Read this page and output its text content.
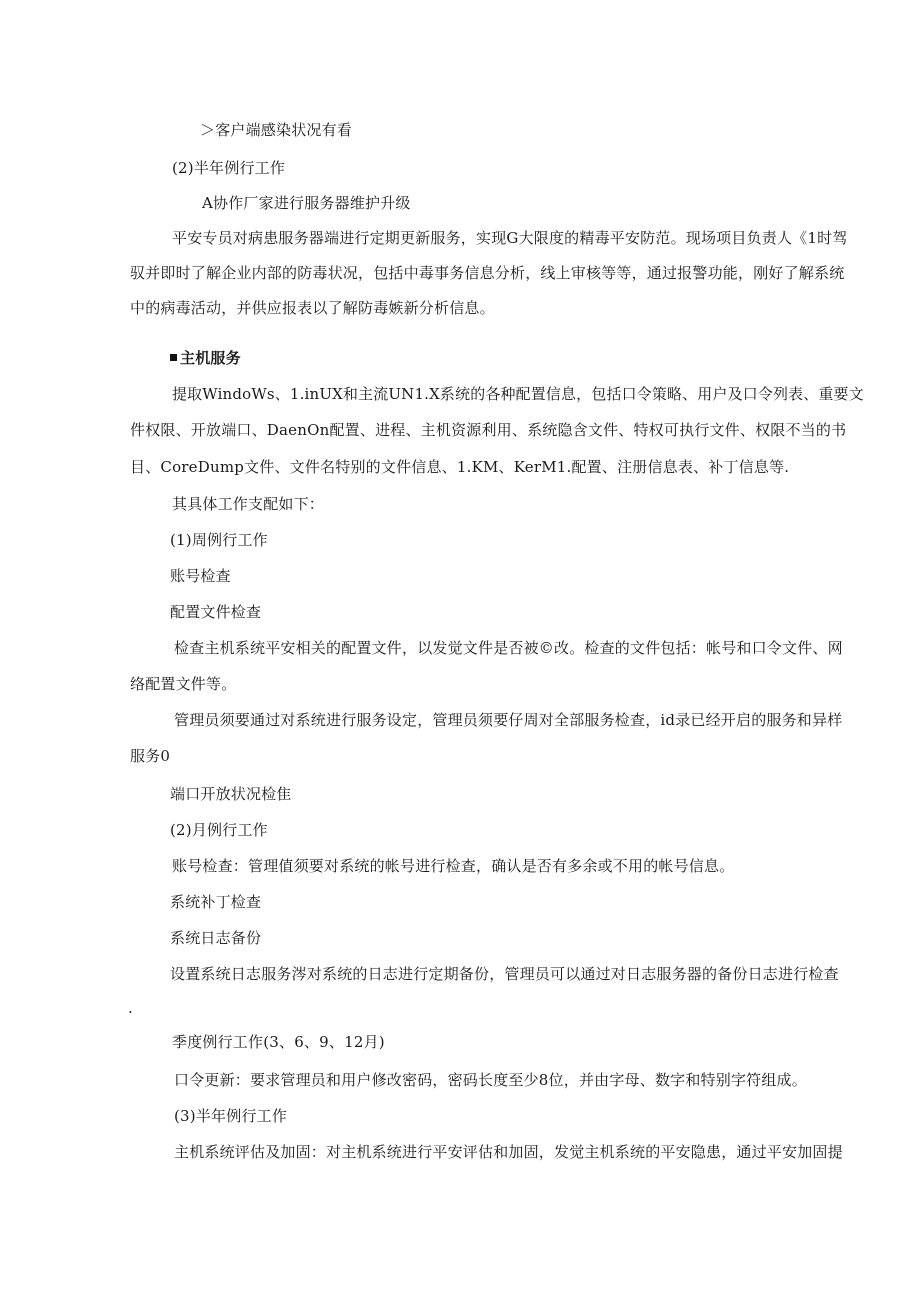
＞客户端感染状况有看
(2)半年例行工作
A协作厂家进行服务器维护升级
平安专员对病患服务器端进行定期更新服务，实现G大限度的精毒平安防范。现场项目负责人《1时驾
驭并即时了解企业内部的防毒状况，包括中毒事务信息分析，线上审核等等，通过报警功能，刚好了解系统
中的病毒活动，并供应报表以了解防毒嫉新分析信息。
主机服务
提取WindoWs、1.inUX和主流UN1.X系统的各种配置信息，包括口令策略、用户及口令列表、重要文
件权限、开放端口、DaenOn配置、进程、主机资源利用、系统隐含文件、特权可执行文件、权限不当的书
目、CoreDump文件、文件名特别的文件信息、1.KM、KerM1.配置、注册信息表、补丁信息等.
其具体工作支配如下：
(1)周例行工作
账号检查
配置文件检查
检查主机系统平安相关的配置文件，以发觉文件是否被©改。检查的文件包括：帐号和口令文件、网
络配置文件等。
管理员须要通过对系统进行服务设定，管理员须要仔周对全部服务检查，id录已经开启的服务和异样
服务0
端口开放状况检隹
(2)月例行工作
账号检查：管理值须要对系统的帐号进行检查，确认是否有多余或不用的帐号信息。
系统补丁检查
系统日志备份
设置系统日志服务涔对系统的日志进行定期备份，管理员可以通过对日志服务器的备份日志进行检查
.
季度例行工作(3、6、9、12月)
口令更新：要求管理员和用户修改密码，密码长度至少8位，并由字母、数字和特别字符组成。
(3)半年例行工作
主机系统评估及加固：对主机系统进行平安评估和加固，发觉主机系统的平安隐患，通过平安加固提
